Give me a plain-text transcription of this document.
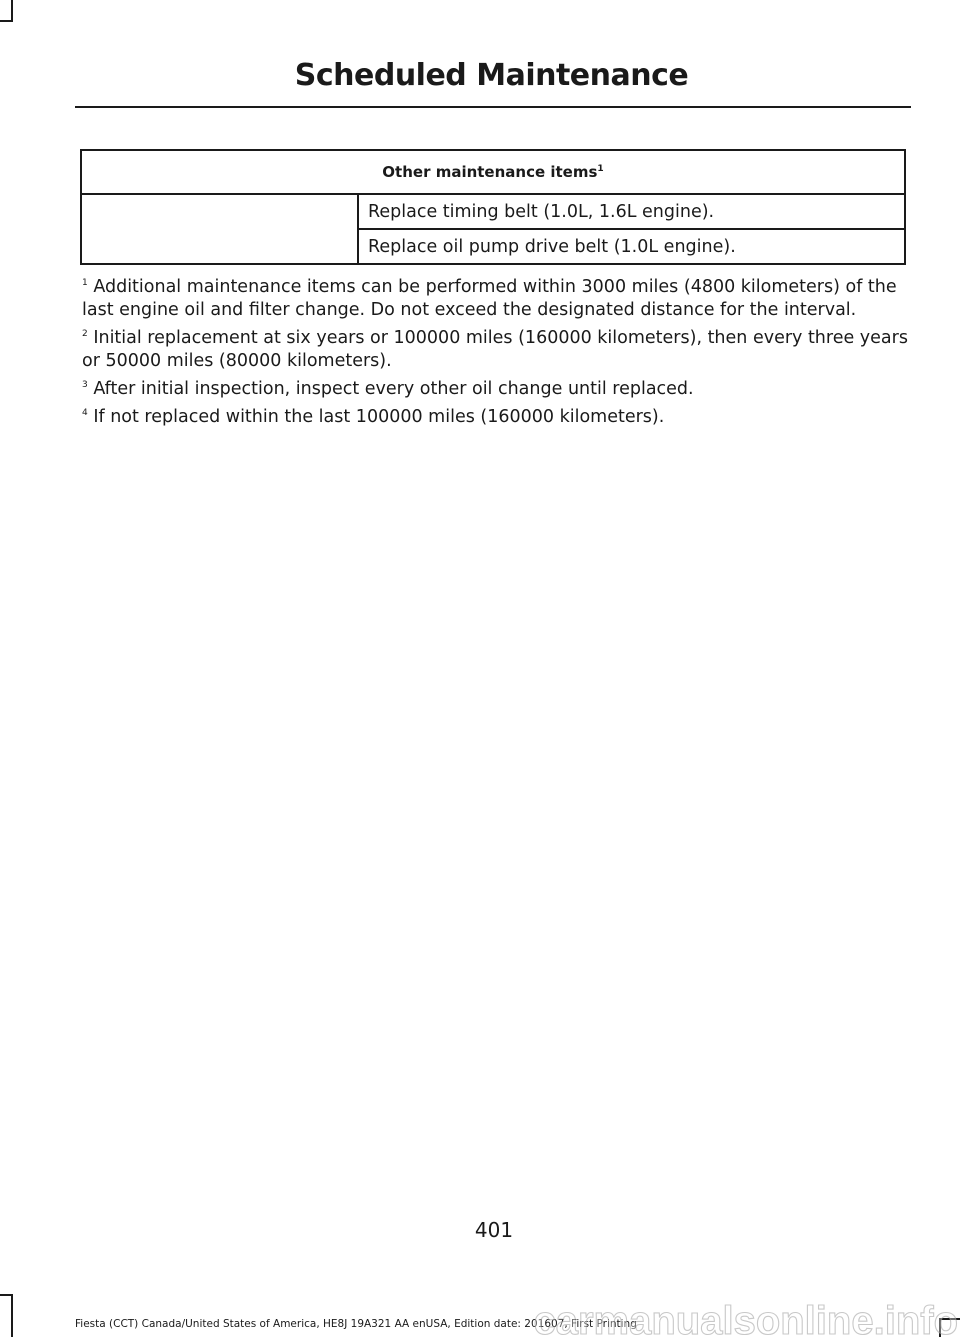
Scheduled Maintenance
Other maintenance items$^1$
	Replace timing belt (1.0L, 1.6L engine).
Replace oil pump drive belt (1.0L engine).

$^1$ Additional maintenance items can be performed within 3000 miles (4800 kilometers) of the last engine oil and filter change. Do not exceed the designated distance for the interval.

$^2$ Initial replacement at six years or 100000 miles (160000 kilometers), then every three years or 50000 miles (80000 kilometers).

$^3$ After initial inspection, inspect every other oil change until replaced.

$^4$ If not replaced within the last 100000 miles (160000 kilometers).

401
Fiesta (CCT) Canada/United States of America, HE8J 19A321 AA enUSA, Edition date: 201607, First Printing
carmanualsonline.info
